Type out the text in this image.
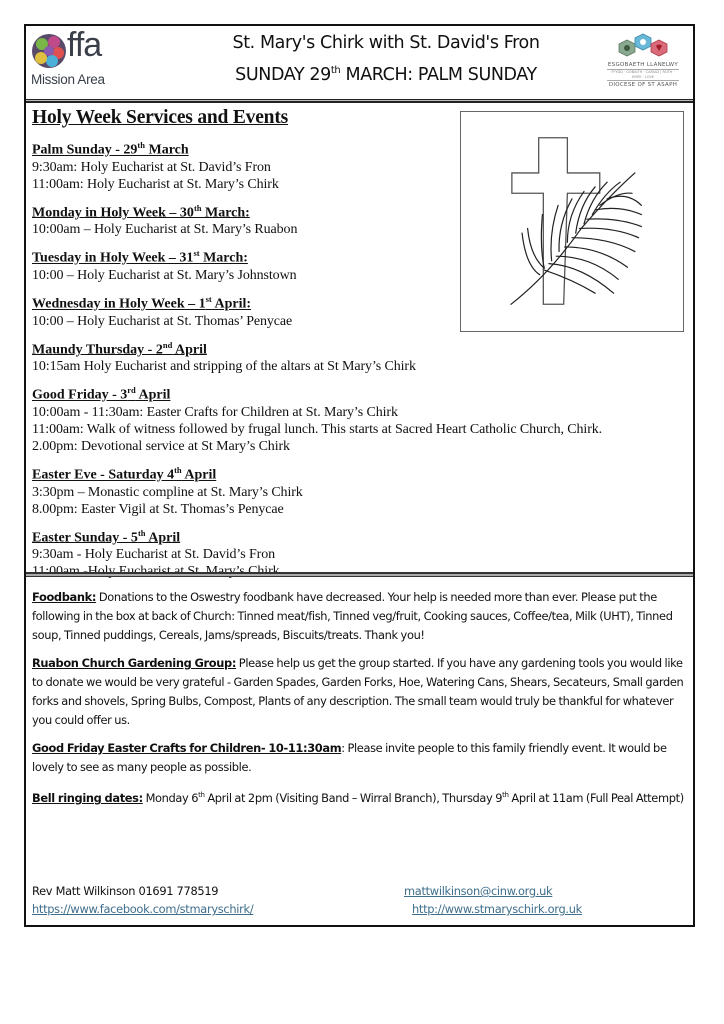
ffa
Mission Area
St. Mary's Chirk with St. David's Fron
SUNDAY 29th MARCH: PALM SUNDAY	ESGOBAETH LLANELWY
FFYDD · GOBAITH · CARIAD | FAITH · HOPE · LOVE
DIOCESE OF ST ASAPH
Holy Week Services and Events
Palm Sunday - 29th March
9:30am: Holy Eucharist at St. David’s Fron
11:00am: Holy Eucharist at St. Mary’s Chirk
Monday in Holy Week – 30th March:
10:00am – Holy Eucharist at St. Mary’s Ruabon
Tuesday in Holy Week – 31st March:
10:00 – Holy Eucharist at St. Mary’s Johnstown
Wednesday in Holy Week – 1st April:
10:00 – Holy Eucharist at St. Thomas’ Penycae
Maundy Thursday - 2nd April
10:15am Holy Eucharist and stripping of the altars at St Mary’s Chirk
Good Friday - 3rd April
10:00am - 11:30am: Easter Crafts for Children at St. Mary’s Chirk
11:00am: Walk of witness followed by frugal lunch. This starts at Sacred Heart Catholic Church, Chirk.
2.00pm: Devotional service at St Mary’s Chirk
Easter Eve - Saturday 4th April
3:30pm – Monastic compline at St. Mary’s Chirk
8.00pm: Easter Vigil at St. Thomas’s Penycae
Easter Sunday - 5th April
9:30am - Holy Eucharist at St. David’s Fron
Foodbank: Donations to the Oswestry foodbank have decreased. Your help is needed more than ever. Please put the following in the box at back of Church: Tinned meat/fish, Tinned veg/fruit, Cooking sauces, Coffee/tea, Milk (UHT), Tinned soup, Tinned puddings, Cereals, Jams/spreads, Biscuits/treats. Thank you!
Ruabon Church Gardening Group: Please help us get the group started. If you have any gardening tools you would like to donate we would be very grateful - Garden Spades, Garden Forks, Hoe, Watering Cans, Shears, Secateurs, Small garden forks and shovels, Spring Bulbs, Compost, Plants of any description. The small team would truly be thankful for whatever you could offer us.
Good Friday Easter Crafts for Children- 10-11:30am: Please invite people to this family friendly event. It would be lovely to see as many people as possible.
Bell ringing dates: Monday 6th April at 2pm (Visiting Band – Wirral Branch), Thursday 9th April at 11am (Full Peal Attempt)
Rev Matt Wilkinson 01691 778519	mattwilkinson@cinw.org.uk
https://www.facebook.com/stmaryschirk/	http://www.stmaryschirk.org.uk
